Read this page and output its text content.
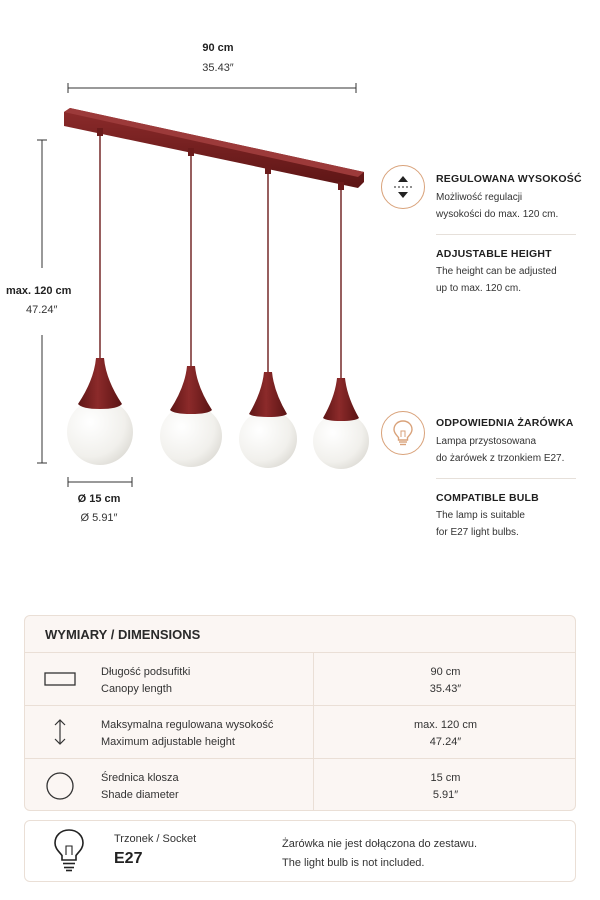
90 cm
35.43″
max. 120 cm
47.24″
Ø 15 cm
Ø 5.91″
REGULOWANA WYSOKOŚĆ
Możliwość regulacji
wysokości do max. 120 cm.
ADJUSTABLE HEIGHT
The height can be adjusted
up to max. 120 cm.
ODPOWIEDNIA ŻARÓWKA
Lampa przystosowana
do żarówek z trzonkiem E27.
COMPATIBLE BULB
The lamp is suitable
for E27 light bulbs.
WYMIARY / DIMENSIONS
Długość podsufitki
Canopy length
90 cm
35.43″
Maksymalna regulowana wysokość
Maximum adjustable height
max. 120 cm
47.24″
Średnica klosza
Shade diameter
15 cm
5.91″
Trzonek / Socket
E27
Żarówka nie jest dołączona do zestawu.
The light bulb is not included.
